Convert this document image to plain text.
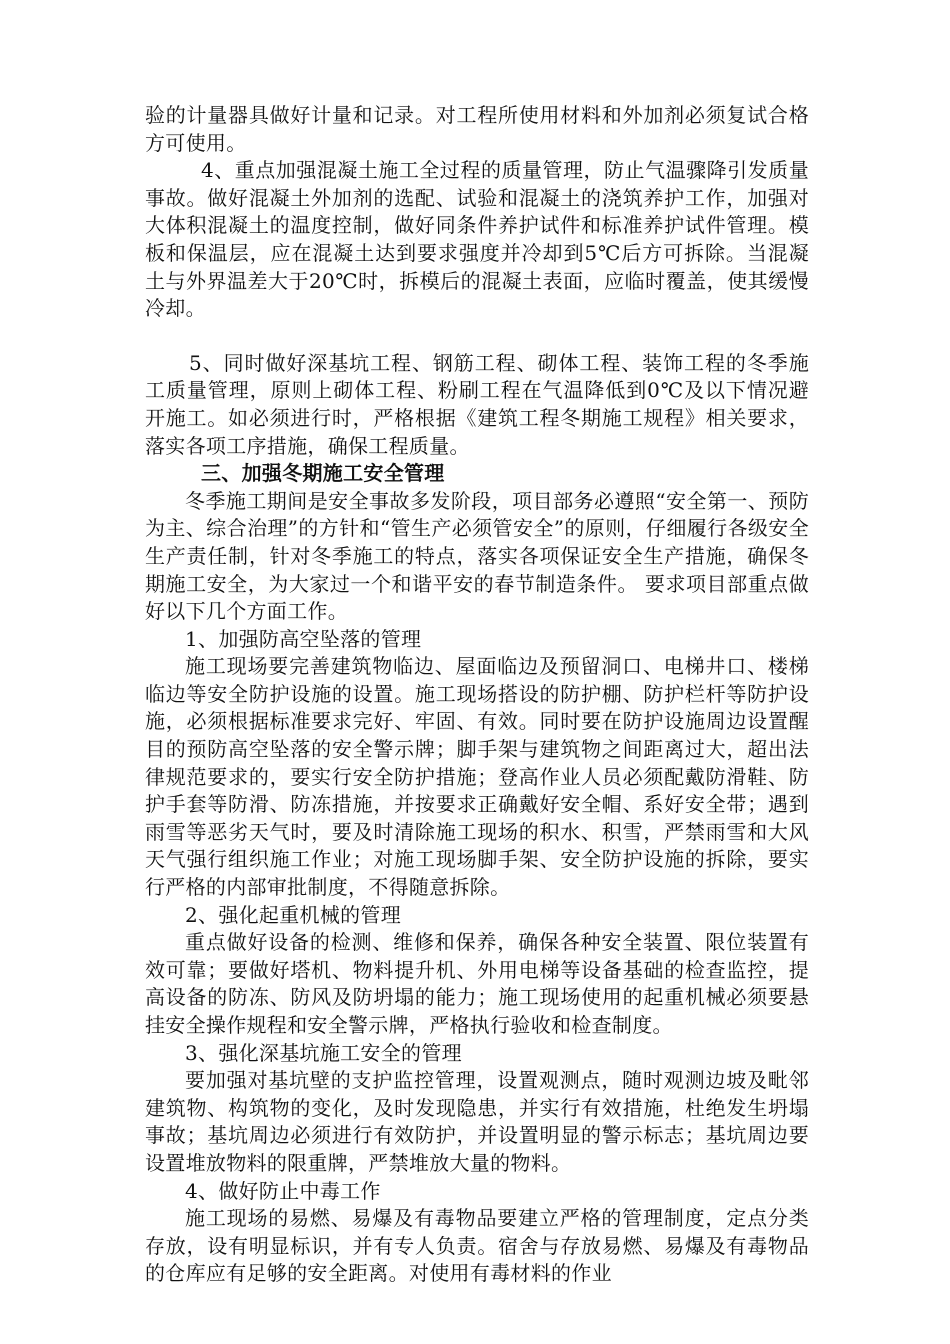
验的计量器具做好计量和记录。对工程所使用材料和外加剂必须复试合格方可使用。

4、重点加强混凝土施工全过程的质量管理，防止气温骤降引发质量事故。做好混凝土外加剂的选配、试验和混凝土的浇筑养护工作，加强对大体积混凝土的温度控制，做好同条件养护试件和标准养护试件管理。模板和保温层，应在混凝土达到要求强度并冷却到5℃后方可拆除。当混凝土与外界温差大于20℃时，拆模后的混凝土表面，应临时覆盖，使其缓慢冷却。

5、同时做好深基坑工程、钢筋工程、砌体工程、装饰工程的冬季施工质量管理，原则上砌体工程、粉刷工程在气温降低到0℃及以下情况避开施工。如必须进行时，严格根据《建筑工程冬期施工规程》相关要求，落实各项工序措施，确保工程质量。

三、加强冬期施工安全管理

冬季施工期间是安全事故多发阶段，项目部务必遵照“安全第一、预防为主、综合治理”的方针和“管生产必须管安全”的原则，仔细履行各级安全生产责任制，针对冬季施工的特点，落实各项保证安全生产措施，确保冬期施工安全，为大家过一个和谐平安的春节制造条件。 要求项目部重点做好以下几个方面工作。

1、加强防高空坠落的管理

施工现场要完善建筑物临边、屋面临边及预留洞口、电梯井口、楼梯临边等安全防护设施的设置。施工现场搭设的防护棚、防护栏杆等防护设施，必须根据标准要求完好、牢固、有效。同时要在防护设施周边设置醒目的预防高空坠落的安全警示牌；脚手架与建筑物之间距离过大，超出法律规范要求的，要实行安全防护措施；登高作业人员必须配戴防滑鞋、防护手套等防滑、防冻措施，并按要求正确戴好安全帽、系好安全带；遇到雨雪等恶劣天气时，要及时清除施工现场的积水、积雪，严禁雨雪和大风天气强行组织施工作业；对施工现场脚手架、安全防护设施的拆除，要实行严格的内部审批制度，不得随意拆除。

2、强化起重机械的管理

重点做好设备的检测、维修和保养，确保各种安全装置、限位装置有效可靠；要做好塔机、物料提升机、外用电梯等设备基础的检查监控，提高设备的防冻、防风及防坍塌的能力；施工现场使用的起重机械必须要悬挂安全操作规程和安全警示牌，严格执行验收和检查制度。

3、强化深基坑施工安全的管理

要加强对基坑壁的支护监控管理，设置观测点，随时观测边坡及毗邻建筑物、构筑物的变化，及时发现隐患，并实行有效措施，杜绝发生坍塌事故；基坑周边必须进行有效防护，并设置明显的警示标志；基坑周边要设置堆放物料的限重牌，严禁堆放大量的物料。

4、做好防止中毒工作

施工现场的易燃、易爆及有毒物品要建立严格的管理制度，定点分类存放，设有明显标识，并有专人负责。宿舍与存放易燃、易爆及有毒物品的仓库应有足够的安全距离。对使用有毒材料的作业
